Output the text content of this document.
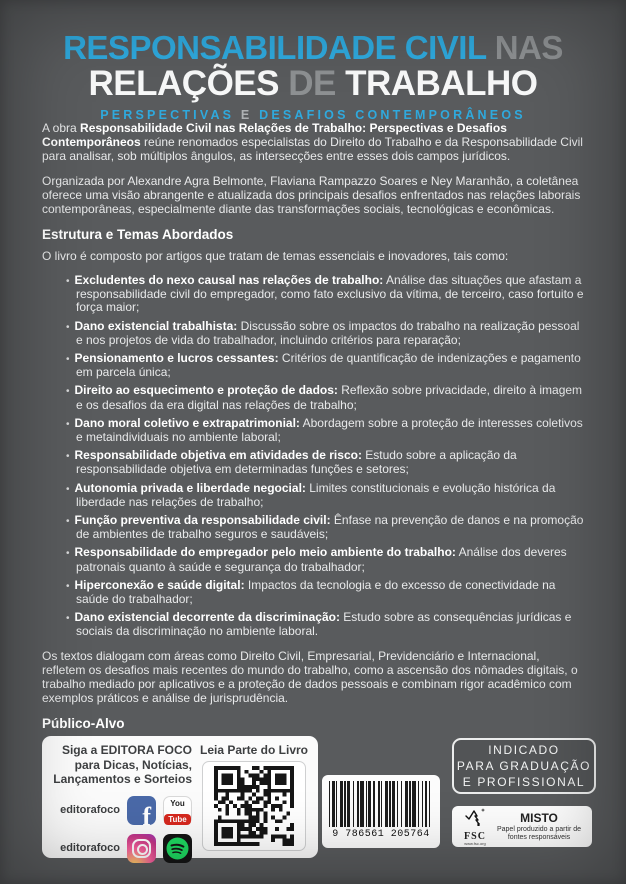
RESPONSABILIDADE CIVIL NAS
RELAÇÕES DE TRABALHO
PERSPECTIVAS E DESAFIOS CONTEMPORÂNEOS

A obra Responsabilidade Civil nas Relações de Trabalho: Perspectivas e Desafios Contemporâneos reúne renomados especialistas do Direito do Trabalho e da Responsabilidade Civil para analisar, sob múltiplos ângulos, as intersecções entre esses dois campos jurídicos.

Organizada por Alexandre Agra Belmonte, Flaviana Rampazzo Soares e Ney Maranhão, a coletânea oferece uma visão abrangente e atualizada dos principais desafios enfrentados nas relações laborais contemporâneas, especialmente diante das transformações sociais, tecnológicas e econômicas.

Estrutura e Temas Abordados

O livro é composto por artigos que tratam de temas essenciais e inovadores, tais como:

• Excludentes do nexo causal nas relações de trabalho: Análise das situações que afastam a responsabilidade civil do empregador, como fato exclusivo da vítima, de terceiro, caso fortuito e força maior;
• Dano existencial trabalhista: Discussão sobre os impactos do trabalho na realização pessoal e nos projetos de vida do trabalhador, incluindo critérios para reparação;
• Pensionamento e lucros cessantes: Critérios de quantificação de indenizações e pagamento em parcela única;
• Direito ao esquecimento e proteção de dados: Reflexão sobre privacidade, direito à imagem e os desafios da era digital nas relações de trabalho;
• Dano moral coletivo e extrapatrimonial: Abordagem sobre a proteção de interesses coletivos e metaindividuais no ambiente laboral;
• Responsabilidade objetiva em atividades de risco: Estudo sobre a aplicação da responsabilidade objetiva em determinadas funções e setores;
• Autonomia privada e liberdade negocial: Limites constitucionais e evolução histórica da liberdade nas relações de trabalho;
• Função preventiva da responsabilidade civil: Ênfase na prevenção de danos e na promoção de ambientes de trabalho seguros e saudáveis;
• Responsabilidade do empregador pelo meio ambiente do trabalho: Análise dos deveres patronais quanto à saúde e segurança do trabalhador;
• Hiperconexão e saúde digital: Impactos da tecnologia e do excesso de conectividade na saúde do trabalhador;
• Dano existencial decorrente da discriminação: Estudo sobre as consequências jurídicas e sociais da discriminação no ambiente laboral.

Os textos dialogam com áreas como Direito Civil, Empresarial, Previdenciário e Internacional, refletem os desafios mais recentes do mundo do trabalho, como a ascensão dos nômades digitais, o trabalho mediado por aplicativos e a proteção de dados pessoais e combinam rigor acadêmico com exemplos práticos e análise de jurisprudência.

Público-Alvo

Siga a EDITORA FOCO
para Dicas, Notícias,
Lançamentos e Sorteios
editorafoco f	You
Tube
editorafoco
Leia Parte do Livro
9 786561 205764
INDICADO
PARA GRADUAÇÃO
E PROFISSIONAL
FSC
www.fsc.org
MISTO
Papel produzido a partir de fontes responsáveis
